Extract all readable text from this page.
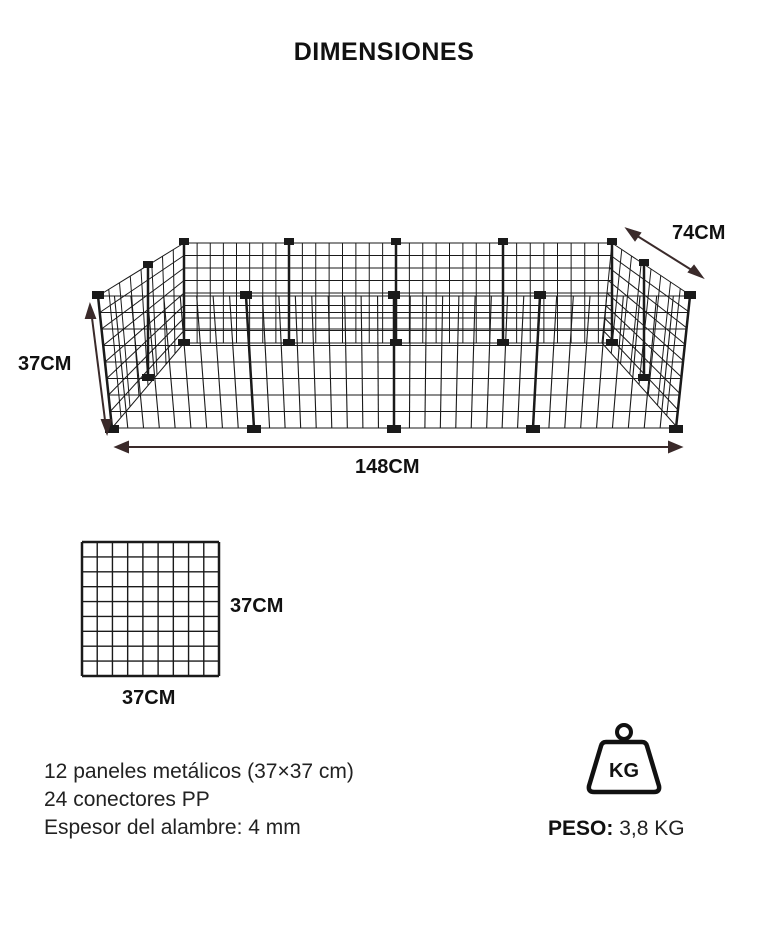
DIMENSIONES
74CM
37CM
148CM
37CM
37CM
12 paneles metálicos (37×37 cm)
24 conectores PP
Espesor del alambre: 4 mm
KG
PESO: 3,8 KG
